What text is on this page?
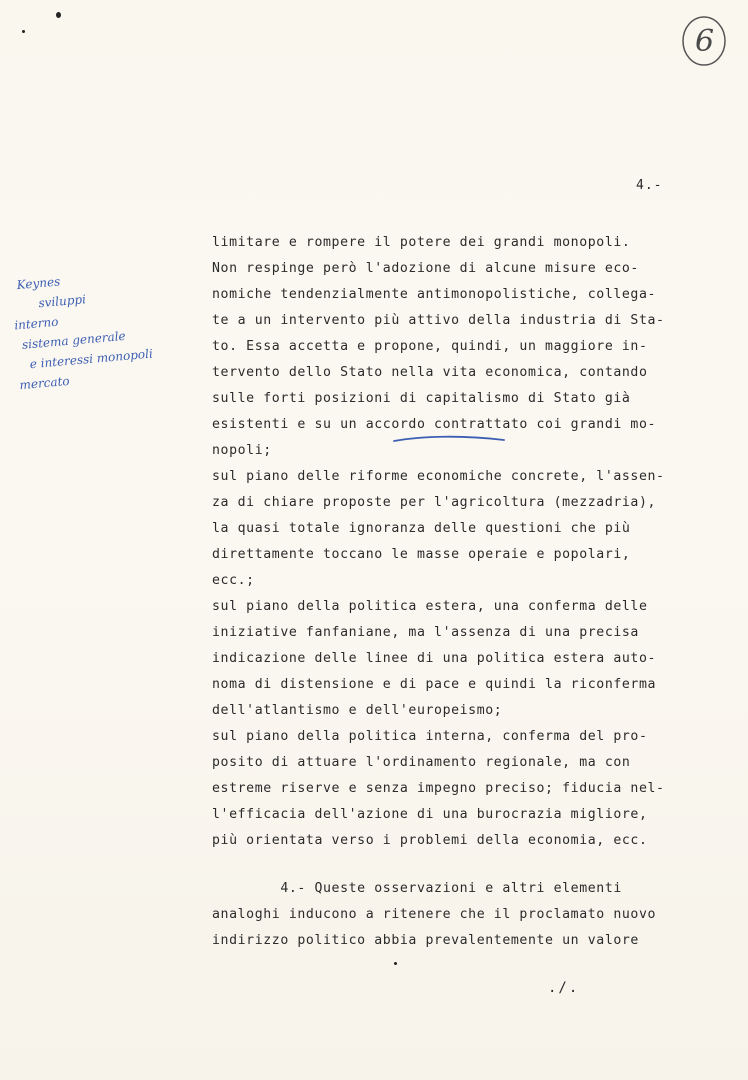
6
4.-
Keynes
sviluppi
interno
sistema generale
e interessi monopoli
mercato
limitare e rompere il potere dei grandi monopoli.
Non respinge però l'adozione di alcune misure eco-
nomiche tendenzialmente antimonopolistiche, collega-
te a un intervento più attivo della industria di Sta-
to. Essa accetta e propone, quindi, un maggiore in-
tervento dello Stato nella vita economica, contando
sulle forti posizioni di capitalismo di Stato già
esistenti e su un accordo contrattato coi grandi mo-
nopoli;
sul piano delle riforme economiche concrete, l'assen-
za di chiare proposte per l'agricoltura (mezzadria),
la quasi totale ignoranza delle questioni che più
direttamente toccano le masse operaie e popolari,
ecc.;
sul piano della politica estera, una conferma delle
iniziative fanfaniane, ma l'assenza di una precisa
indicazione delle linee di una politica estera auto-
noma di distensione e di pace e quindi la riconferma
dell'atlantismo e dell'europeismo;
sul piano della politica interna, conferma del pro-
posito di attuare l'ordinamento regionale, ma con
estreme riserve e senza impegno preciso; fiducia nel-
l'efficacia dell'azione di una burocrazia migliore,
più orientata verso i problemi della economia, ecc.
4.- Queste osservazioni e altri elementi
analoghi inducono a ritenere che il proclamato nuovo
indirizzo politico abbia prevalentemente un valore
./.
